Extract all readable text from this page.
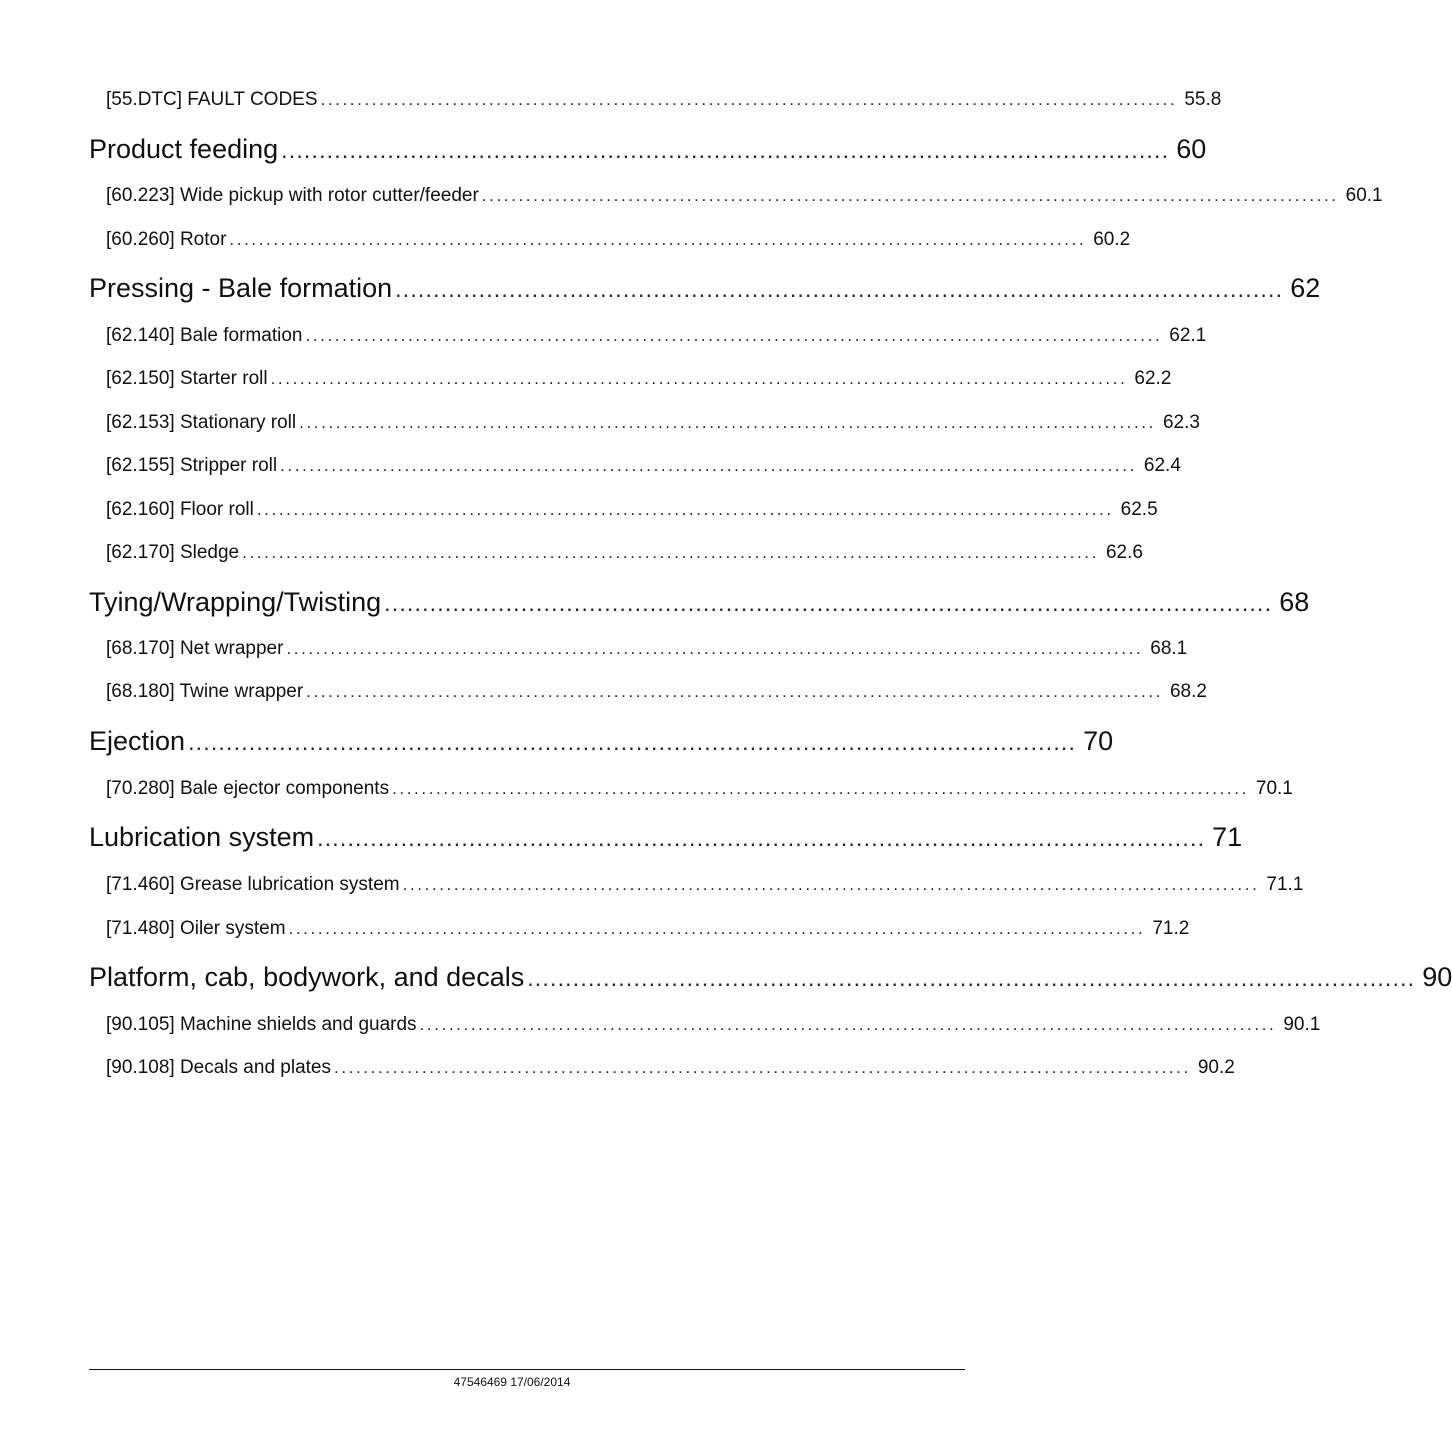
[55.DTC] FAULT CODES ..................................................................................................................... 55.8
Product feeding ..................................................................................................................... 60
[60.223] Wide pickup with rotor cutter/feeder ..................................................................................................................... 60.1
[60.260] Rotor ..................................................................................................................... 60.2
Pressing - Bale formation ..................................................................................................................... 62
[62.140] Bale formation ..................................................................................................................... 62.1
[62.150] Starter roll ..................................................................................................................... 62.2
[62.153] Stationary roll ..................................................................................................................... 62.3
[62.155] Stripper roll ..................................................................................................................... 62.4
[62.160] Floor roll ..................................................................................................................... 62.5
[62.170] Sledge ..................................................................................................................... 62.6
Tying/Wrapping/Twisting ..................................................................................................................... 68
[68.170] Net wrapper ..................................................................................................................... 68.1
[68.180] Twine wrapper ..................................................................................................................... 68.2
Ejection ..................................................................................................................... 70
[70.280] Bale ejector components ..................................................................................................................... 70.1
Lubrication system ..................................................................................................................... 71
[71.460] Grease lubrication system ..................................................................................................................... 71.1
[71.480] Oiler system ..................................................................................................................... 71.2
Platform, cab, bodywork, and decals ..................................................................................................................... 90
[90.105] Machine shields and guards ..................................................................................................................... 90.1
[90.108] Decals and plates ..................................................................................................................... 90.2
47546469 17/06/2014
